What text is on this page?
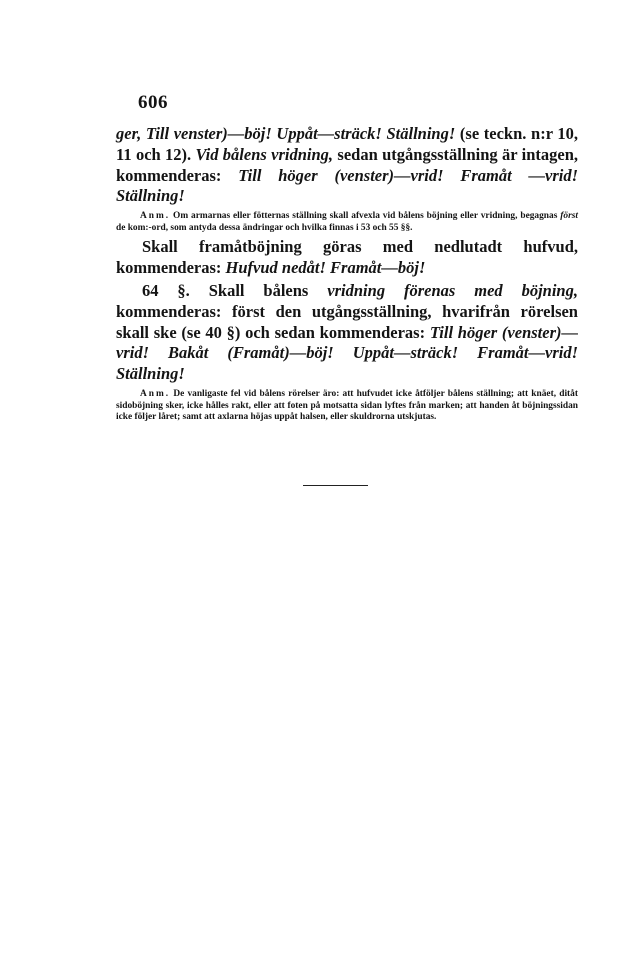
606

ger, Till venster)—böj! Uppåt—sträck! Ställning! (se teckn. n:r 10, 11 och 12). Vid bålens vridning, sedan utgångsställning är intagen, kommenderas: Till höger (venster)—vrid! Framåt —vrid! Ställning!

Anm. Om armarnas eller fötternas ställning skall afvexla vid bålens böjning eller vridning, begagnas först de kom:-ord, som antyda dessa ändringar och hvilka finnas i 53 och 55 §§.

Skall framåtböjning göras med nedlutadt hufvud, kommenderas: Hufvud nedåt! Framåt—böj!

64 §. Skall bålens vridning förenas med böjning, kommenderas: först den utgångsställning, hvarifrån rörelsen skall ske (se 40 §) och sedan kommenderas: Till höger (venster)—vrid! Bakåt (Framåt)—böj! Uppåt—sträck! Framåt—vrid! Ställning!

Anm. De vanligaste fel vid bålens rörelser äro: att hufvudet icke åtföljer bålens ställning; att knäet, ditåt sidoböjning sker, icke hålles rakt, eller att foten på motsatta sidan lyftes från marken; att handen åt böjningssidan icke följer låret; samt att axlarna höjas uppåt halsen, eller skuldrorna utskjutas.
